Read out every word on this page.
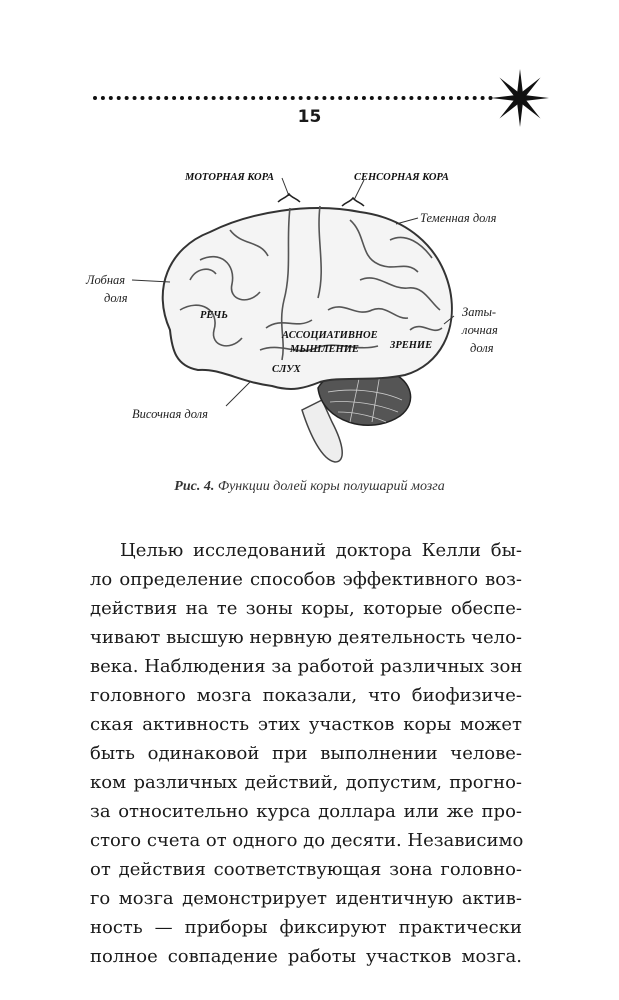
15
МОТОРНАЯ КОРА	СЕНСОРНАЯ КОРА
Теменная доля
Лобная
доля
Заты-
лочная
доля
РЕЧЬ
АССОЦИАТИВНОЕ
МЫШЛЕНИЕ	ЗРЕНИЕ
СЛУХ
Височная доля
Рис. 4. Функции долей коры полушарий мозга
Целью исследований доктора Келли бы-
ло определение способов эффективного воз-
действия на те зоны коры, которые обеспе-
чивают высшую нервную деятельность чело-
века. Наблюдения за работой различных зон
головного мозга показали, что биофизиче-
ская активность этих участков коры может
быть одинаковой при выполнении челове-
ком различных действий, допустим, прогно-
за относительно курса доллара или же про-
стого счета от одного до десяти. Независимо
от действия соответствующая зона головно-
го мозга демонстрирует идентичную актив-
ность — приборы фиксируют практически
полное совпадение работы участков мозга.
